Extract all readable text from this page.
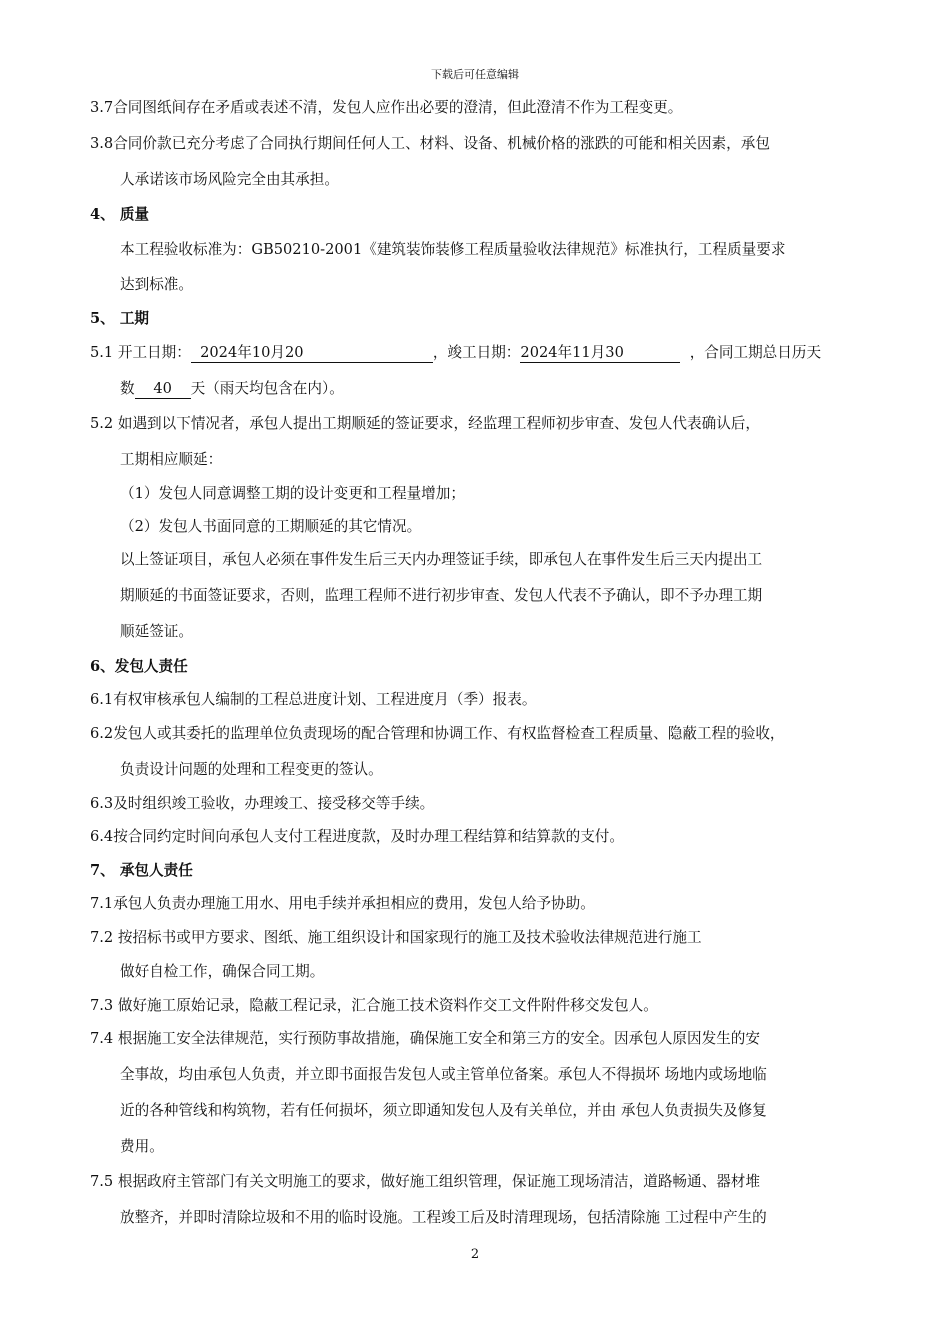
下载后可任意编辑
3.7合同图纸间存在矛盾或表述不清，发包人应作出必要的澄清，但此澄清不作为工程变更。
3.8合同价款已充分考虑了合同执行期间任何人工、材料、设备、机械价格的涨跌的可能和相关因素，承包
人承诺该市场风险完全由其承担。
4、 质量
本工程验收标准为：GB50210-2001《建筑装饰装修工程质量验收法律规范》标准执行，工程质量要求
达到标准。
5、 工期
5.1 开工日期： 2024年10月20	，竣工日期：2024年11月30	，合同工期总日历天
数 40 天（雨天均包含在内）。
5.2 如遇到以下情况者，承包人提出工期顺延的签证要求，经监理工程师初步审查、发包人代表确认后，
工期相应顺延：
（1）发包人同意调整工期的设计变更和工程量增加；
（2）发包人书面同意的工期顺延的其它情况。
以上签证项目，承包人必须在事件发生后三天内办理签证手续，即承包人在事件发生后三天内提出工
期顺延的书面签证要求，否则，监理工程师不进行初步审查、发包人代表不予确认，即不予办理工期
顺延签证。
6、发包人责任
6.1有权审核承包人编制的工程总进度计划、工程进度月（季）报表。
6.2发包人或其委托的监理单位负责现场的配合管理和协调工作、有权监督检查工程质量、隐蔽工程的验收，
负责设计问题的处理和工程变更的签认。
6.3及时组织竣工验收，办理竣工、接受移交等手续。
6.4按合同约定时间向承包人支付工程进度款，及时办理工程结算和结算款的支付。
7、 承包人责任
7.1承包人负责办理施工用水、用电手续并承担相应的费用，发包人给予协助。
7.2 按招标书或甲方要求、图纸、施工组织设计和国家现行的施工及技术验收法律规范进行施工
做好自检工作，确保合同工期。
7.3 做好施工原始记录，隐蔽工程记录，汇合施工技术资料作交工文件附件移交发包人。
7.4 根据施工安全法律规范，实行预防事故措施，确保施工安全和第三方的安全。因承包人原因发生的安
全事故，均由承包人负责，并立即书面报告发包人或主管单位备案。承包人不得损坏 场地内或场地临
近的各种管线和构筑物，若有任何损坏，须立即通知发包人及有关单位，并由 承包人负责损失及修复
费用。
7.5 根据政府主管部门有关文明施工的要求，做好施工组织管理，保证施工现场清洁，道路畅通、器材堆
放整齐，并即时清除垃圾和不用的临时设施。工程竣工后及时清理现场，包括清除施 工过程中产生的
2
